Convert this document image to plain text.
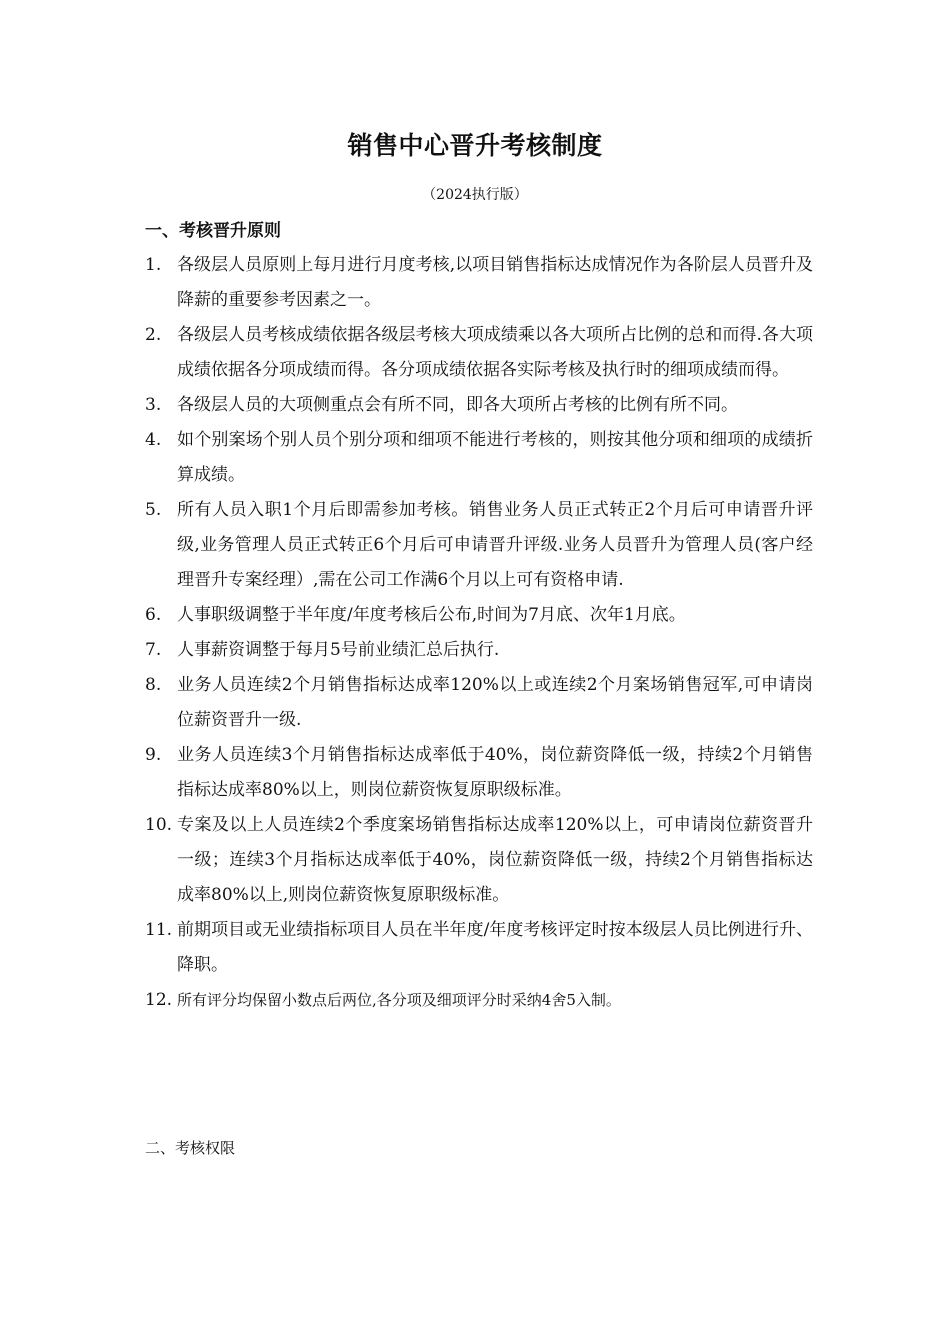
销售中心晋升考核制度
（2024执行版）
一、考核晋升原则
1. 各级层人员原则上每月进行月度考核,以项目销售指标达成情况作为各阶层人员晋升及降薪的重要参考因素之一。
2. 各级层人员考核成绩依据各级层考核大项成绩乘以各大项所占比例的总和而得.各大项成绩依据各分项成绩而得。各分项成绩依据各实际考核及执行时的细项成绩而得。
3. 各级层人员的大项侧重点会有所不同，即各大项所占考核的比例有所不同。
4. 如个别案场个别人员个别分项和细项不能进行考核的，则按其他分项和细项的成绩折算成绩。
5. 所有人员入职1个月后即需参加考核。销售业务人员正式转正2个月后可申请晋升评级,业务管理人员正式转正6个月后可申请晋升评级.业务人员晋升为管理人员(客户经理晋升专案经理）,需在公司工作满6个月以上可有资格申请.
6. 人事职级调整于半年度/年度考核后公布,时间为7月底、次年1月底。
7. 人事薪资调整于每月5号前业绩汇总后执行.
8. 业务人员连续2个月销售指标达成率120%以上或连续2个月案场销售冠军,可申请岗位薪资晋升一级.
9. 业务人员连续3个月销售指标达成率低于40%，岗位薪资降低一级，持续2个月销售指标达成率80%以上，则岗位薪资恢复原职级标准。
10. 专案及以上人员连续2个季度案场销售指标达成率120%以上，可申请岗位薪资晋升一级；连续3个月指标达成率低于40%，岗位薪资降低一级，持续2个月销售指标达成率80%以上,则岗位薪资恢复原职级标准。
11. 前期项目或无业绩指标项目人员在半年度/年度考核评定时按本级层人员比例进行升、降职。
12. 所有评分均保留小数点后两位,各分项及细项评分时采纳4舍5入制。
二、考核权限
